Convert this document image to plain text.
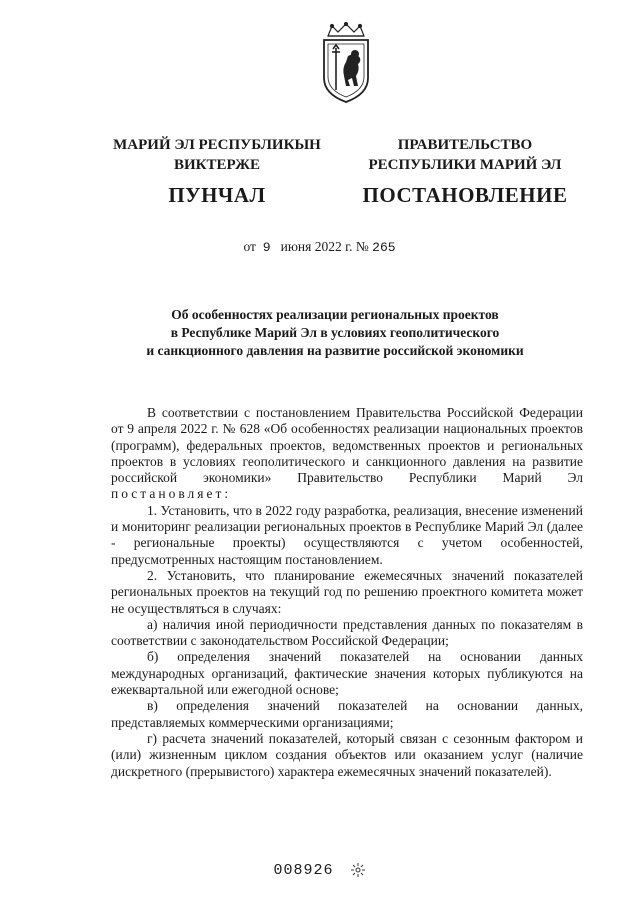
МАРИЙ ЭЛ РЕСПУБЛИКЫН
ВИКТЕРЖЕ
ПУНЧАЛ
ПРАВИТЕЛЬСТВО
РЕСПУБЛИКИ МАРИЙ ЭЛ
ПОСТАНОВЛЕНИЕ
от 9 июня 2022 г. № 265
Об особенностях реализации региональных проектов
в Республике Марий Эл в условиях геополитического
и санкционного давления на развитие российской экономики

В соответствии с постановлением Правительства Российской Федерации от 9 апреля 2022 г. № 628 «Об особенностях реализации национальных проектов (программ), федеральных проектов, ведомственных проектов и региональных проектов в условиях геополитического и санкционного давления на развитие российской экономики» Правительство Республики Марий Эл постановляет:

1. Установить, что в 2022 году разработка, реализация, внесение изменений и мониторинг реализации региональных проектов в Республике Марий Эл (далее - региональные проекты) осуществляются с учетом особенностей, предусмотренных настоящим постановлением.

2. Установить, что планирование ежемесячных значений показателей региональных проектов на текущий год по решению проектного комитета может не осуществляться в случаях:

а) наличия иной периодичности представления данных по показателям в соответствии с законодательством Российской Федерации;

б) определения значений показателей на основании данных международных организаций, фактические значения которых публикуются на ежеквартальной или ежегодной основе;

в) определения значений показателей на основании данных, представляемых коммерческими организациями;

г) расчета значений показателей, который связан с сезонным фактором и (или) жизненным циклом создания объектов или оказанием услуг (наличие дискретного (прерывистого) характера ежемесячных значений показателей).

008926
